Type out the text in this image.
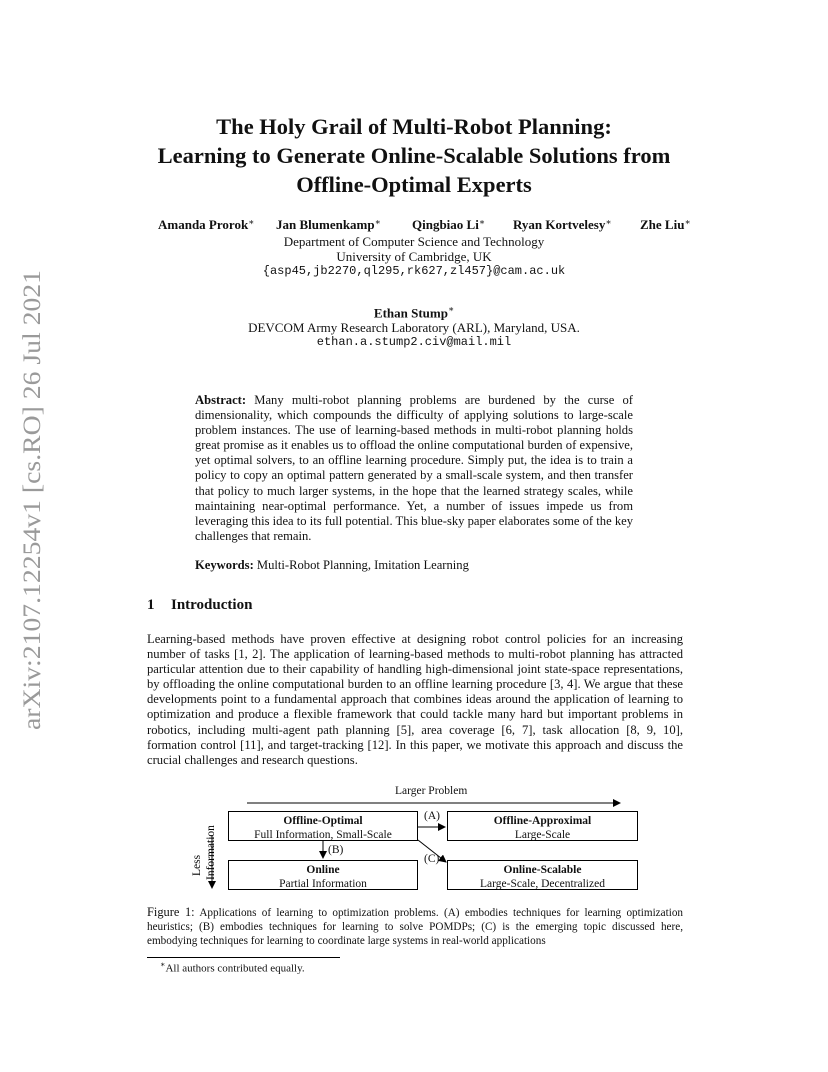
arXiv:2107.12254v1 [cs.RO] 26 Jul 2021
The Holy Grail of Multi-Robot Planning:
Learning to Generate Online-Scalable Solutions from
Offline-Optimal Experts
Amanda Prorok∗ Jan Blumenkamp∗ Qingbiao Li∗ Ryan Kortvelesy∗ Zhe Liu∗
Department of Computer Science and Technology
University of Cambridge, UK
{asp45,jb2270,ql295,rk627,zl457}@cam.ac.uk
Ethan Stump∗
DEVCOM Army Research Laboratory (ARL), Maryland, USA.
ethan.a.stump2.civ@mail.mil
Abstract: Many multi-robot planning problems are burdened by the curse of dimensionality, which compounds the difficulty of applying solutions to large-scale problem instances. The use of learning-based methods in multi-robot planning holds great promise as it enables us to offload the online computational burden of expensive, yet optimal solvers, to an offline learning procedure. Simply put, the idea is to train a policy to copy an optimal pattern generated by a small-scale system, and then transfer that policy to much larger systems, in the hope that the learned strategy scales, while maintaining near-optimal performance. Yet, a number of issues impede us from leveraging this idea to its full potential. This blue-sky paper elaborates some of the key challenges that remain.
Keywords: Multi-Robot Planning, Imitation Learning
1 Introduction
Learning-based methods have proven effective at designing robot control policies for an increasing number of tasks [1, 2]. The application of learning-based methods to multi-robot planning has attracted particular attention due to their capability of handling high-dimensional joint state-space representations, by offloading the online computational burden to an offline learning procedure [3, 4]. We argue that these developments point to a fundamental approach that combines ideas around the application of learning to optimization and produce a flexible framework that could tackle many hard but important problems in robotics, including multi-agent path planning [5], area coverage [6, 7], task allocation [8, 9, 10], formation control [11], and target-tracking [12]. In this paper, we motivate this approach and discuss the crucial challenges and research questions.
Larger Problem
Less Information
Offline-Optimal
Full Information, Small-Scale
Offline-Approximal
Large-Scale
Online
Partial Information
Online-Scalable
Large-Scale, Decentralized
(A)
(B)
(C)
Figure 1: Applications of learning to optimization problems. (A) embodies techniques for learning optimization heuristics; (B) embodies techniques for learning to solve POMDPs; (C) is the emerging topic discussed here, embodying techniques for learning to coordinate large systems in real-world applications
∗All authors contributed equally.
